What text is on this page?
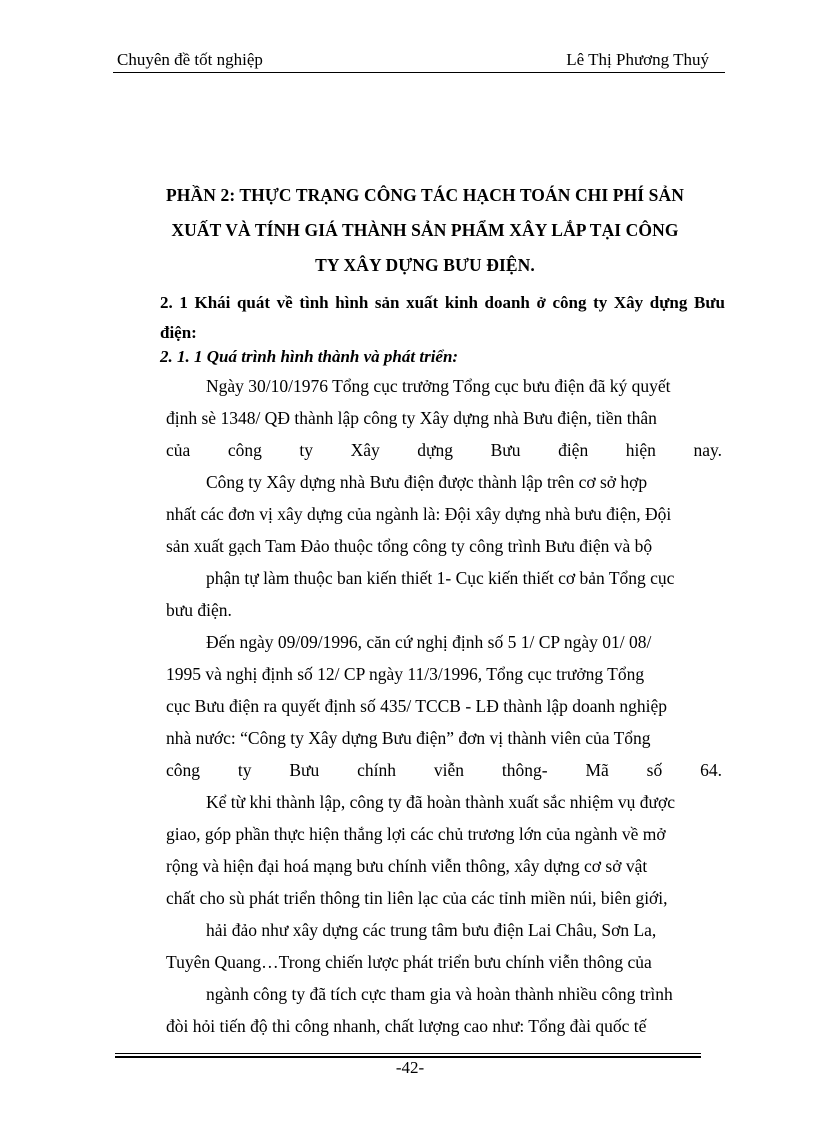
Chuyên đề tốt nghiệp	Lê Thị Phương Thuý
PHẦN 2: THỰC TRẠNG CÔNG TÁC HẠCH TOÁN CHI PHÍ SẢN
XUẤT VÀ TÍNH GIÁ THÀNH SẢN PHẨM XÂY LẮP TẠI CÔNG
TY XÂY DỰNG BƯU ĐIỆN.
2. 1 Khái quát về tình hình sản xuất kinh doanh ở công ty Xây dựng Bưu điện:
2. 1. 1 Quá trình hình thành và phát triển:
Ngày 30/10/1976 Tổng cục trưởng Tổng cục bưu điện đã ký quyết
định sè 1348/ QĐ thành lập công ty Xây dựng nhà Bưu điện, tiền thân
của công ty Xây dựng Bưu điện hiện nay.
Công ty Xây dựng nhà Bưu điện được thành lập trên cơ sở hợp
nhất các đơn vị xây dựng của ngành là: Đội xây dựng nhà bưu điện, Đội
sản xuất gạch Tam Đảo thuộc tổng công ty công trình Bưu điện và bộ
phận tự làm thuộc ban kiến thiết 1- Cục kiến thiết cơ bản Tổng cục
bưu điện.
Đến ngày 09/09/1996, căn cứ nghị định số 5 1/ CP ngày 01/ 08/
1995 và nghị định số 12/ CP ngày 11/3/1996, Tổng cục trưởng Tổng
cục Bưu điện ra quyết định số 435/ TCCB - LĐ thành lập doanh nghiệp
nhà nước: “Công ty Xây dựng Bưu điện” đơn vị thành viên của Tổng
công ty Bưu chính viễn thông- Mã số 64.
Kể từ khi thành lập, công ty đã hoàn thành xuất sắc nhiệm vụ được
giao, góp phần thực hiện thắng lợi các chủ trương lớn của ngành về mở
rộng và hiện đại hoá mạng bưu chính viễn thông, xây dựng cơ sở vật
chất cho sù phát triển thông tin liên lạc của các tỉnh miền núi, biên giới,
hải đảo như xây dựng các trung tâm bưu điện Lai Châu, Sơn La,
Tuyên Quang…Trong chiến lược phát triển bưu chính viễn thông của
ngành công ty đã tích cực tham gia và hoàn thành nhiều công trình
đòi hỏi tiến độ thi công nhanh, chất lượng cao như: Tổng đài quốc tế
-42-
